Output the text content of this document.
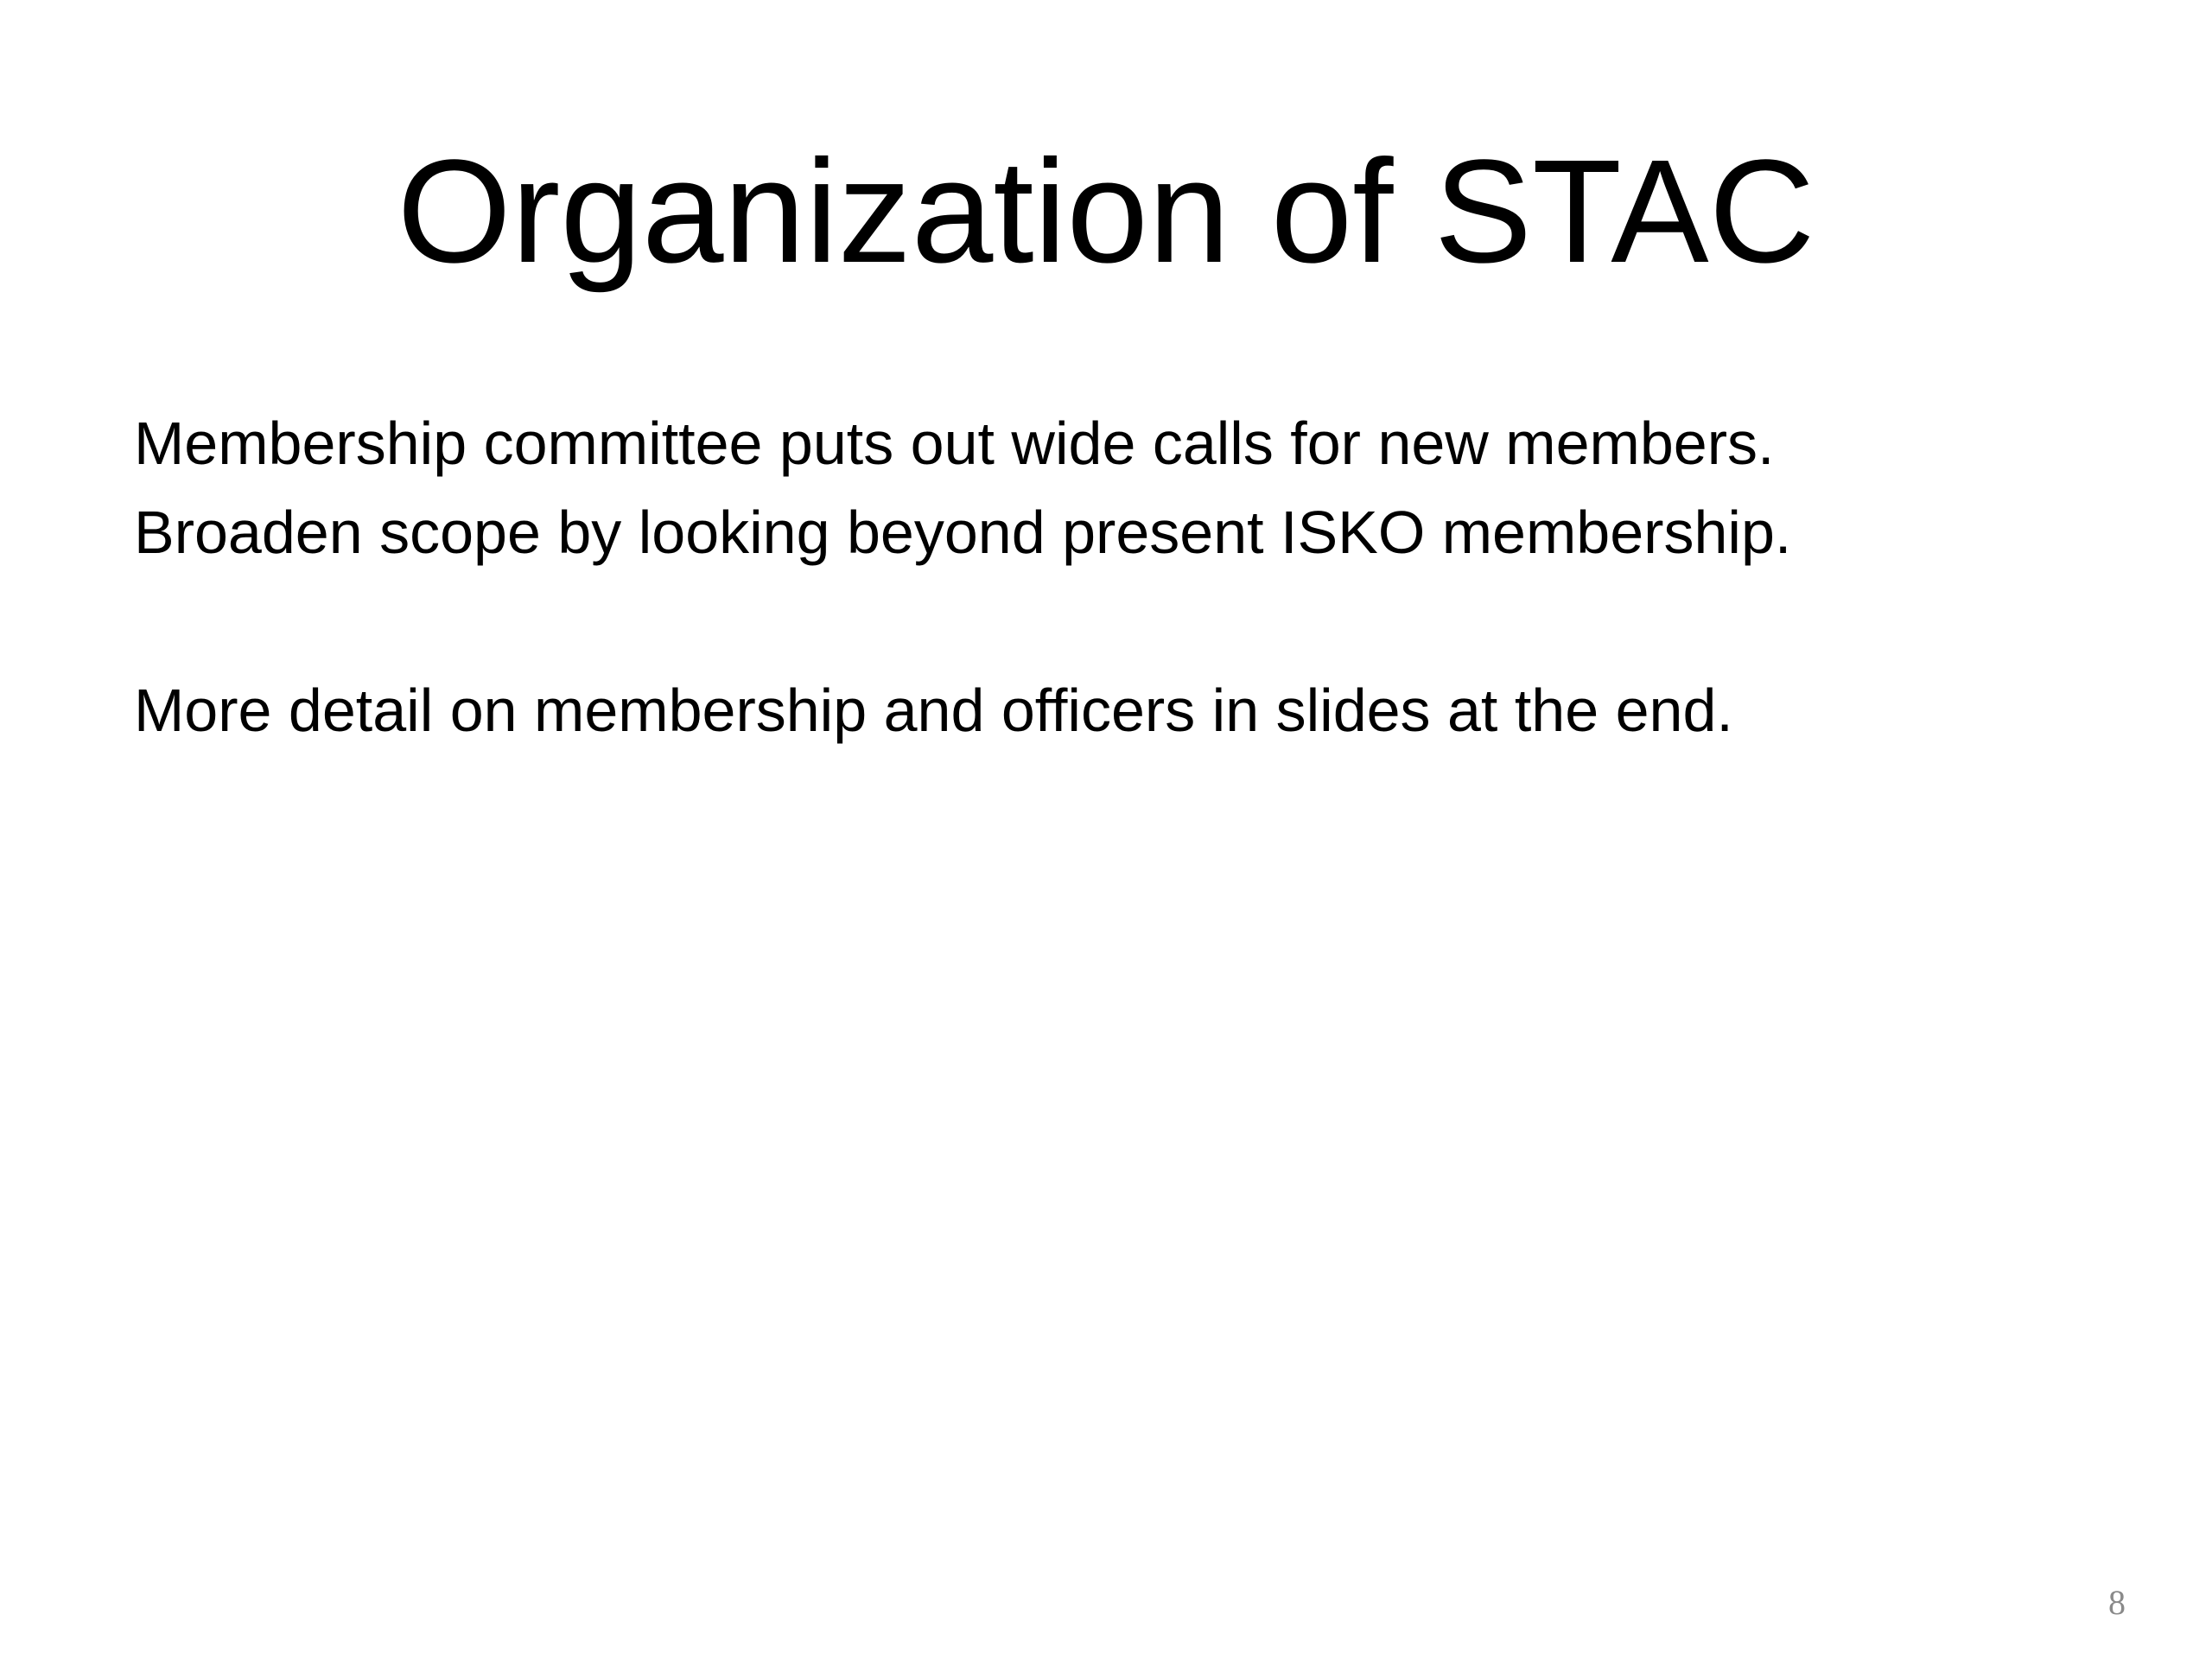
Organization of STAC
Membership committee puts out wide calls for new members.
Broaden scope by looking beyond present ISKO membership.
More detail on membership and officers in slides at the end.
8
